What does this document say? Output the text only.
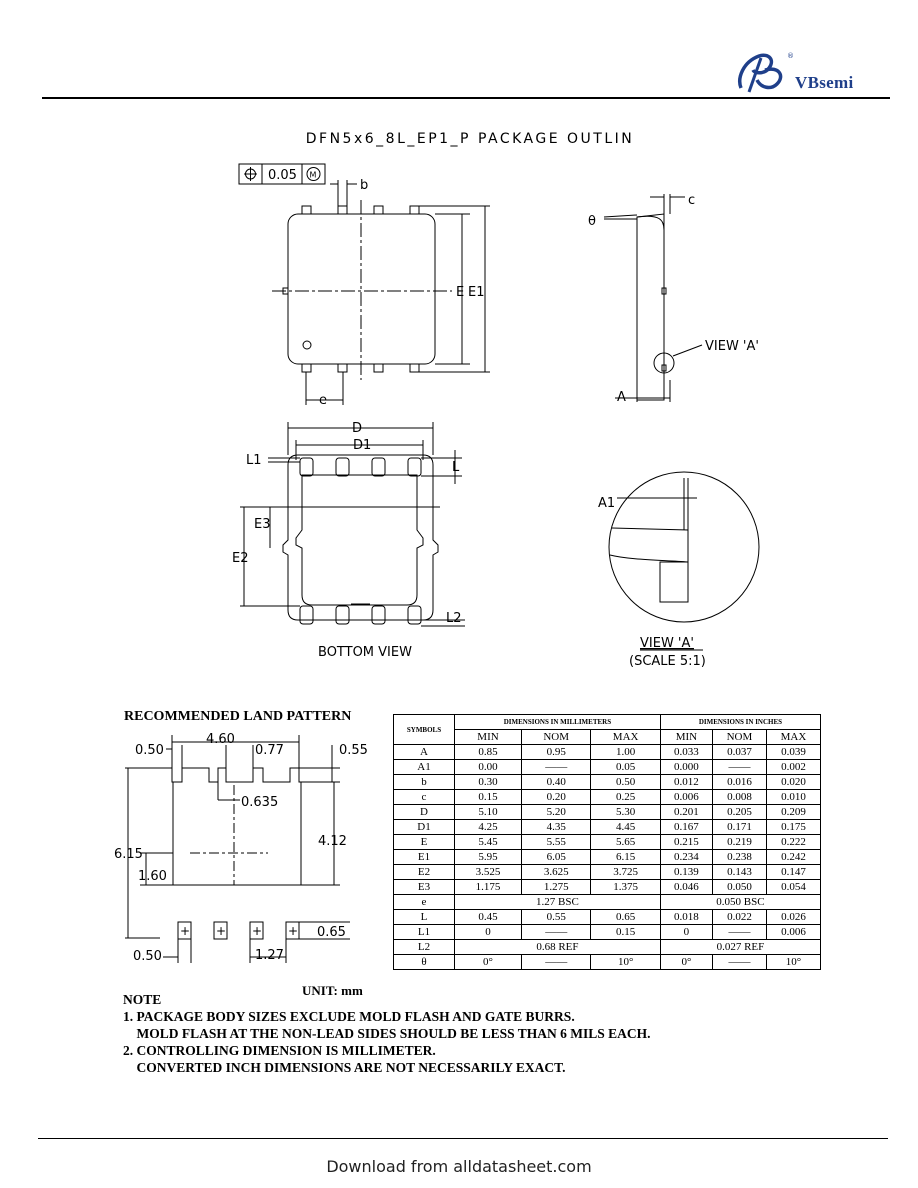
®
VBsemi
DFN5x6_8L_EP1_P PACKAGE OUTLIN
M
0.05
b
e
E E1
θ
c
VIEW 'A'
A
D
D1
L1	L
E3
E2
L2
BOTTOM VIEW
A1
VIEW 'A'
(SCALE 5:1)
RECOMMENDED LAND PATTERN
+ + + +
4.60
0.50	0.77	0.55
0.635
6.15
4.12
1.60
0.65
0.50	1.27
SYMBOLS	DIMENSIONS IN MILLIMETERS			DIMENSIONS IN INCHES		
	MIN	NOM	MAX	MIN	NOM	MAX
A	0.85	0.95	1.00	0.033	0.037	0.039
A1	0.00	——	0.05	0.000	——	0.002
b	0.30	0.40	0.50	0.012	0.016	0.020
c	0.15	0.20	0.25	0.006	0.008	0.010
D	5.10	5.20	5.30	0.201	0.205	0.209
D1	4.25	4.35	4.45	0.167	0.171	0.175
E	5.45	5.55	5.65	0.215	0.219	0.222
E1	5.95	6.05	6.15	0.234	0.238	0.242
E2	3.525	3.625	3.725	0.139	0.143	0.147
E3	1.175	1.275	1.375	0.046	0.050	0.054
e	1.27 BSC			0.050 BSC		
L	0.45	0.55	0.65	0.018	0.022	0.026
L1	0	——	0.15	0	——	0.006
L2	0.68 REF			0.027 REF		
θ	0°	——	10°	0°	——	10°
UNIT: mm
NOTE
1. PACKAGE BODY SIZES EXCLUDE MOLD FLASH AND GATE BURRS.
MOLD FLASH AT THE NON-LEAD SIDES SHOULD BE LESS THAN 6 MILS EACH.
2. CONTROLLING DIMENSION IS MILLIMETER.
CONVERTED INCH DIMENSIONS ARE NOT NECESSARILY EXACT.
Download from alldatasheet.com
